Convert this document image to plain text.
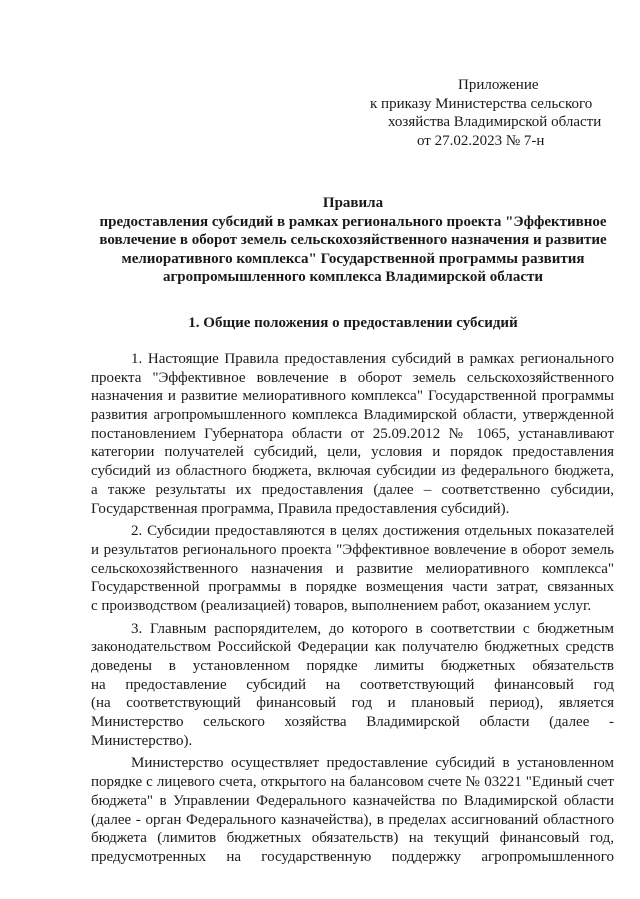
Приложение
к приказу Министерства сельского
хозяйства Владимирской области
от 27.02.2023 № 7-н
Правила
предоставления субсидий в рамках регионального проекта "Эффективное
вовлечение в оборот земель сельскохозяйственного назначения и развитие
мелиоративного комплекса" Государственной программы развития
агропромышленного комплекса Владимирской области
1. Общие положения о предоставлении субсидий
1. Настоящие Правила предоставления субсидий в рамках регионального
проекта "Эффективное вовлечение в оборот земель сельскохозяйственного
назначения и развитие мелиоративного комплекса" Государственной программы
развития агропромышленного комплекса Владимирской области, утвержденной
постановлением Губернатора области от 25.09.2012 № 1065, устанавливают
категории получателей субсидий, цели, условия и порядок предоставления
субсидий из областного бюджета, включая субсидии из федерального бюджета,
а также результаты их предоставления (далее – соответственно субсидии,
Государственная программа, Правила предоставления субсидий).
2. Субсидии предоставляются в целях достижения отдельных показателей
и результатов регионального проекта "Эффективное вовлечение в оборот земель
сельскохозяйственного назначения и развитие мелиоративного комплекса"
Государственной программы в порядке возмещения части затрат, связанных
с производством (реализацией) товаров, выполнением работ, оказанием услуг.
3. Главным распорядителем, до которого в соответствии с бюджетным
законодательством Российской Федерации как получателю бюджетных средств
доведены в установленном порядке лимиты бюджетных обязательств
на предоставление субсидий на соответствующий финансовый год
(на соответствующий финансовый год и плановый период), является
Министерство сельского хозяйства Владимирской области (далее -
Министерство).
Министерство осуществляет предоставление субсидий в установленном
порядке с лицевого счета, открытого на балансовом счете № 03221 "Единый счет
бюджета" в Управлении Федерального казначейства по Владимирской области
(далее - орган Федерального казначейства), в пределах ассигнований областного
бюджета (лимитов бюджетных обязательств) на текущий финансовый год,
предусмотренных на государственную поддержку агропромышленного
